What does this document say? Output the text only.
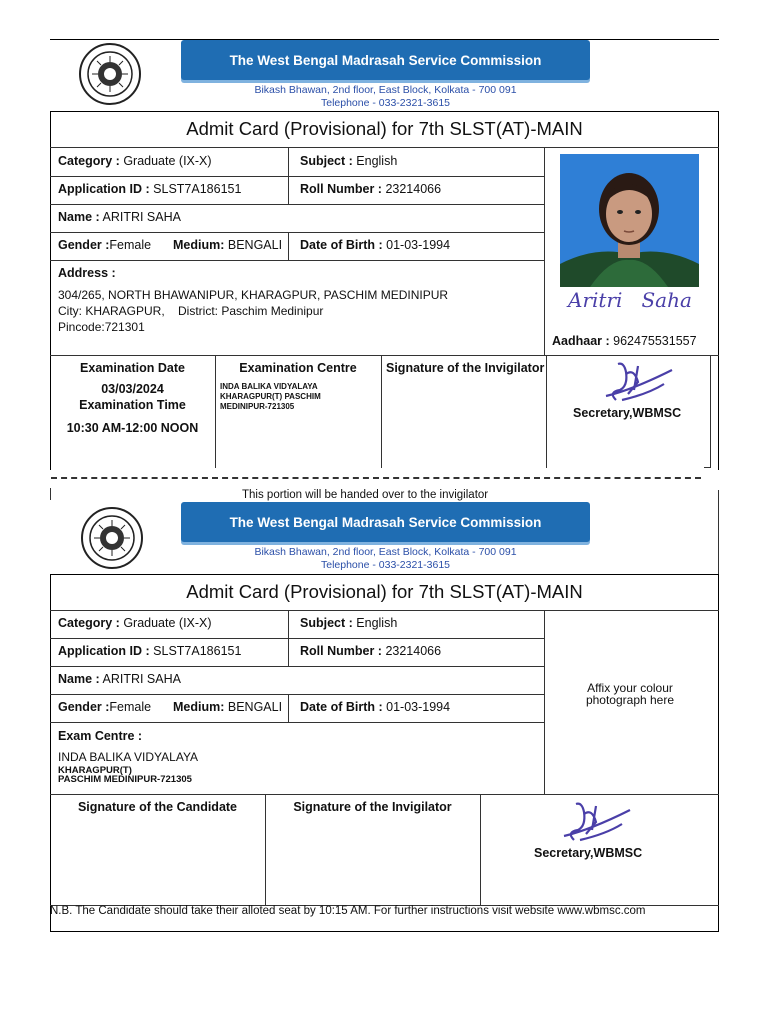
The West Bengal Madrasah Service Commission
Bikash Bhawan, 2nd floor, East Block, Kolkata - 700 091
Telephone - 033-2321-3615
Admit Card (Provisional) for 7th SLST(AT)-MAIN
Category : Graduate (IX-X)	Subject : English
Application ID : SLST7A186151	Roll Number : 23214066
Name : ARITRI SAHA
Gender :Female Medium: BENGALI Date of Birth : 01-03-1994
Address :
304/265, NORTH BHAWANIPUR, KHARAGPUR, PASCHIM MEDINIPUR
City: KHARAGPUR,    District: Paschim Medinipur
Pincode:721301
Aritri   Saha
Aadhaar : 962475531557
Examination Date
03/03/2024
Examination Time
10:30 AM-12:00 NOON
Examination Centre
INDA BALIKA VIDYALAYA
KHARAGPUR(T) PASCHIM
MEDINIPUR-721305
Signature of the Invigilator
Secretary,WBMSC
This portion will be handed over to the invigilator
The West Bengal Madrasah Service Commission
Bikash Bhawan, 2nd floor, East Block, Kolkata - 700 091
Telephone - 033-2321-3615
Admit Card (Provisional) for 7th SLST(AT)-MAIN
Category : Graduate (IX-X)	Subject : English
Application ID : SLST7A186151	Roll Number : 23214066
Name : ARITRI SAHA
Gender :Female Medium: BENGALI Date of Birth : 01-03-1994
Exam Centre :
INDA BALIKA VIDYALAYA
KHARAGPUR(T)
PASCHIM MEDINIPUR-721305
Affix your colour photograph here
Signature of the Candidate	Signature of the Invigilator
Secretary,WBMSC
N.B. The Candidate should take their alloted seat by 10:15 AM. For further instructions visit website www.wbmsc.com
